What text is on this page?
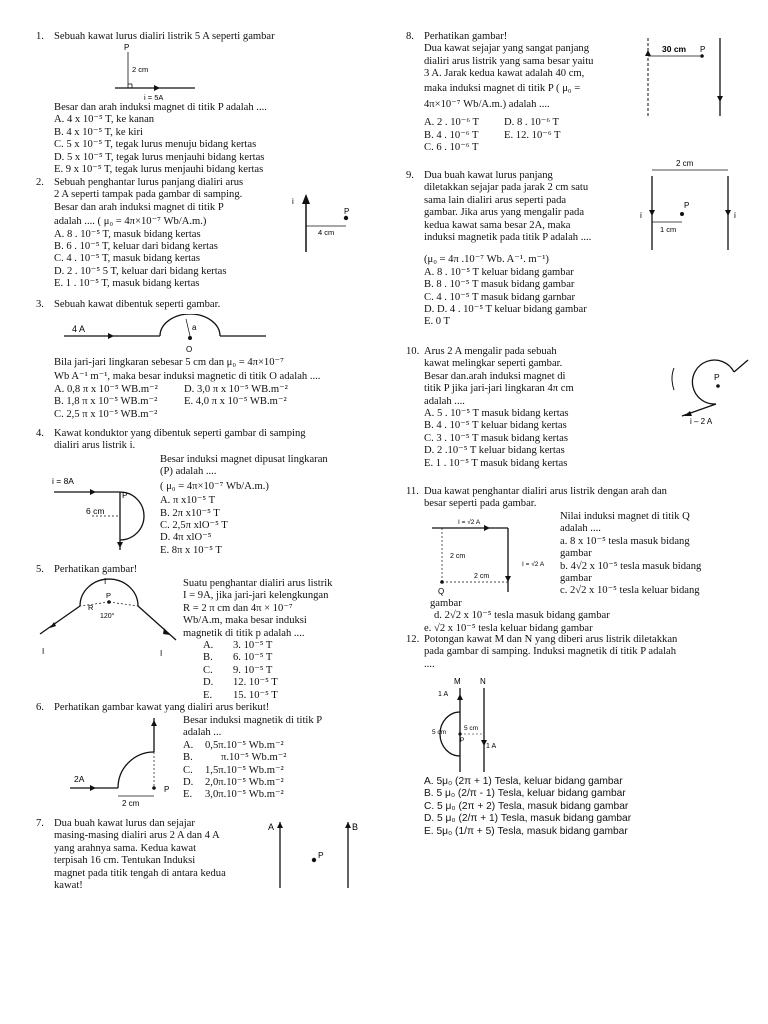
1. Sebuah kawat lurus dialiri listrik 5 A seperti gambar
P
2 cm
i = 5A
Besar dan arah induksi magnet di titik P adalah ....
A. 4 x 10⁻⁵ T, ke kanan
B. 4 x 10⁻⁵ T, ke kiri
C. 5 x 10⁻⁵ T, tegak lurus menuju bidang kertas
D. 5 x 10⁻⁵ T, tegak lurus menjauhi bidang kertas
E. 9 x 10⁻⁵ T, tegak lurus menjauhi bidang kertas
2. Sebuah penghantar lurus panjang dialiri arus
2 A seperti tampak pada gambar di samping.
Besar dan arah induksi magnet di titik P
adalah .... ( μ₀ = 4π×10⁻⁷ Wb/A.m.)
A. 8 . 10⁻⁵ T, masuk bidang kertas
B. 6 . 10⁻⁵ T, keluar dari bidang kertas
C. 4 . 10⁻⁵ T, masuk bidang kertas
D. 2 . 10⁻⁵ 5 T, keluar dari bidang kertas
E. 1 . 10⁻⁵ T, masuk bidang kertas
i
P
4 cm
3. Sebuah kawat dibentuk seperti gambar.
4 A	a
O
Bila jari-jari lingkaran sebesar 5 cm dan μ₀ = 4π×10⁻⁷
Wb A⁻¹ m⁻¹, maka besar induksi magnetic di titik O adalah ....
A. 0,8 π x 10⁻⁵ WB.m⁻²
B. 1,8 π x 10⁻⁵ WB.m⁻²
C. 2,5 π x 10⁻⁵ WB.m⁻²
D. 3,0 π x 10⁻⁵ WB.m⁻²
E. 4,0 π x 10⁻⁵ WB.m⁻²
4. Kawat konduktor yang dibentuk seperti gambar di samping
dialiri arus listrik i.
i = 8A
P
6 cm
Besar induksi magnet dipusat lingkaran
(P) adalah ....
( μ₀ = 4π×10⁻⁷ Wb/A.m.)
A. π x10⁻⁵ T
B. 2π x10⁻⁵ T
C. 2,5π xlO⁻⁵ T
D. 4π xlO⁻⁵
E. 8π x 10⁻⁵ T
5. Perhatikan gambar!
I
P
R
120°
I	I
Suatu penghantar dialiri arus listrik
I = 9A, jika jari-jari kelengkungan
R = 2 π cm dan 4π × 10⁻⁷
Wb/A.m, maka besar induksi
magnetik di titik p adalah ....
A. 3. 10⁻⁵ T
B. 6. 10⁻⁵ T
C. 9. 10⁻⁵ T
D. 12. 10⁻⁵ T
E. 15. 10⁻⁵ T
6. Perhatikan gambar kawat yang dialiri arus berikut!
2A
2 cm
P
Besar induksi magnetik di titik P
adalah ...
A. 0,5π.10⁻⁵ Wb.m⁻²
B.	π.10⁻⁵ Wb.m⁻²
C. 1,5π.10⁻⁵ Wb.m⁻²
D. 2,0π.10⁻⁵ Wb.m⁻²
E. 3,0π.10⁻⁵ Wb.m⁻²
7. Dua buah kawat lurus dan sejajar
masing-masing dialiri arus 2 A dan 4 A
yang arahnya sama. Kedua kawat
terpisah 16 cm. Tentukan Induksi
magnet pada titik tengah di antara kedua
kawat!
A	B
P
8. Perhatikan gambar!
Dua kawat sejajar yang sangat panjang
dialiri arus listrik yang sama besar yaitu
3 A. Jarak kedua kawat adalah 40 cm,
maka induksi magnet di titik P ( μ₀ =
4π×10⁻⁷ Wb/A.m.) adalah ....
A. 2 . 10⁻⁶ T
B. 4 . 10⁻⁶ T
C. 6 . 10⁻⁶ T
D. 8 . 10⁻⁶ T
E. 12. 10⁻⁶ T
30 cm P
9. Dua buah kawat lurus panjang
diletakkan sejajar pada jarak 2 cm satu
sama lain dialiri arus seperti pada
gambar. Jika arus yang mengalir pada
kedua kawat sama besar 2A, maka
induksi magnetik pada titik P adalah ....
(μ₀ = 4π .10⁻⁷ Wb. A⁻¹. m⁻¹)
A. 8 . 10⁻⁵ T keluar bidang gambar
B. 8 . 10⁻⁵ T masuk bidang gambar
C. 4 . 10⁻⁵ T masuk bidang garnbar
D. D. 4 . 10⁻⁵ T keluar bidang gambar
E. 0 T
2 cm
i	i
P
1 cm
10. Arus 2 A mengalir pada sebuah
kawat melingkar seperti gambar.
Besar dan.arah induksi magnet di
titik P jika jari-jari lingkaran 4π cm
adalah ....
A. 5 . 10⁻⁵ T masuk bidang kertas
B. 4 . 10⁻⁵ T keluar bidang kertas
C. 3 . 10⁻⁵ T masuk bidang kertas
D. 2 .10⁻⁵ T keluar bidang kertas
E. 1 . 10⁻⁵ T masuk bidang kertas
P
i – 2 A
11. Dua kawat penghantar dialiri arus listrik dengan arah dan
besar seperti pada gambar.
I = √2 A
I = √2 A
2 cm
2 cm
Q
Nilai induksi magnet di titik Q
adalah ....
a. 8 x 10⁻⁵ tesla masuk bidang
gambar
b. 4√2 x 10⁻⁵ tesla masuk bidang
gambar
c. 2√2 x 10⁻⁵ tesla keluar bidang
gambar
d. 2√2 x 10⁻⁵ tesla masuk bidang gambar
e. √2 x 10⁻⁵ tesla keluar bidang gambar
12. Potongan kawat M dan N yang diberi arus listrik diletakkan
pada gambar di samping. Induksi magnetik di titik P adalah
....
M N
1 A
1 A
5 cm
5 cm
P
A. 5μ₀ (2π + 1) Tesla, keluar bidang gambar
B. 5 μ₀ (2/π - 1) Tesla, keluar bidang gambar
C. 5 μ₀ (2π + 2) Tesla, masuk bidang gambar
D. 5 μ₀ (2/π + 1) Tesla, masuk bidang gambar
E. 5μ₀ (1/π + 5) Tesla, masuk bidang gambar
